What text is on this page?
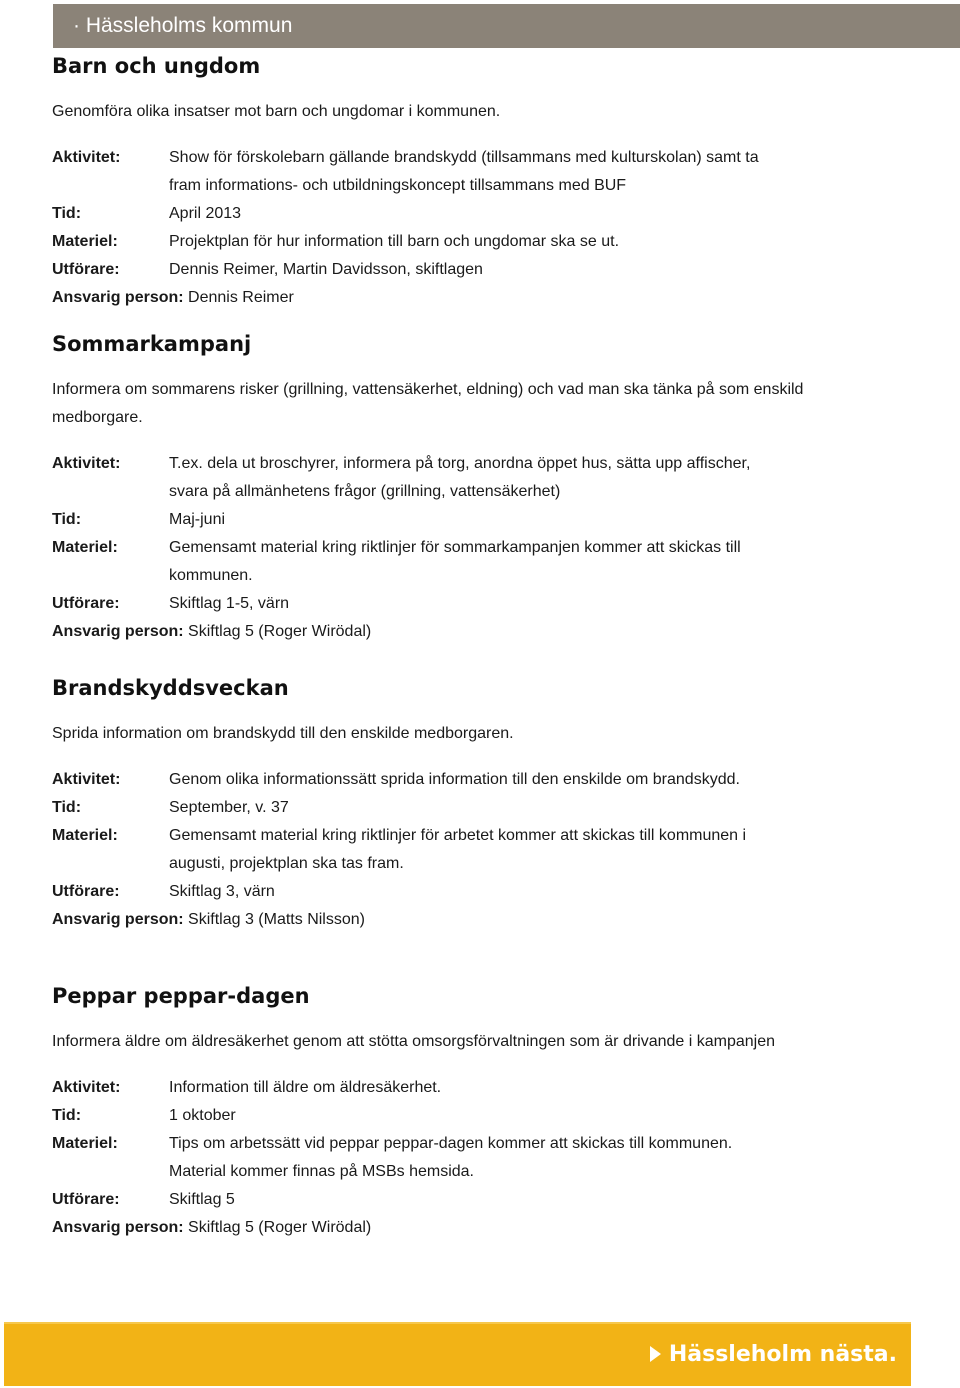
· Hässleholms kommun
Barn och ungdom

Genomföra olika insatser mot barn och ungdomar i kommunen.

Aktivitet:	Show för förskolebarn gällande brandskydd (tillsammans med kulturskolan) samt ta
fram informations- och utbildningskoncept tillsammans med BUF
Tid:	April 2013
Materiel:	Projektplan för hur information till barn och ungdomar ska se ut.
Utförare:	Dennis Reimer, Martin Davidsson, skiftlagen
Ansvarig person: Dennis Reimer
Sommarkampanj

Informera om sommarens risker (grillning, vattensäkerhet, eldning) och vad man ska tänka på som enskild medborgare.

Aktivitet:	T.ex. dela ut broschyrer, informera på torg, anordna öppet hus, sätta upp affischer,
svara på allmänhetens frågor (grillning, vattensäkerhet)
Tid:	Maj-juni
Materiel:	Gemensamt material kring riktlinjer för sommarkampanjen kommer att skickas till
kommunen.
Utförare:	Skiftlag 1-5, värn
Ansvarig person: Skiftlag 5 (Roger Wirödal)
Brandskyddsveckan

Sprida information om brandskydd till den enskilde medborgaren.

Aktivitet:	Genom olika informationssätt sprida information till den enskilde om brandskydd.
Tid:	September, v. 37
Materiel:	Gemensamt material kring riktlinjer för arbetet kommer att skickas till kommunen i
augusti, projektplan ska tas fram.
Utförare:	Skiftlag 3, värn
Ansvarig person: Skiftlag 3 (Matts Nilsson)
Peppar peppar-dagen

Informera äldre om äldresäkerhet genom att stötta omsorgsförvaltningen som är drivande i kampanjen

Aktivitet:	Information till äldre om äldresäkerhet.
Tid:	1 oktober
Materiel:	Tips om arbetssätt vid peppar peppar-dagen kommer att skickas till kommunen.
Material kommer finnas på MSBs hemsida.
Utförare:	Skiftlag 5
Ansvarig person: Skiftlag 5 (Roger Wirödal)
Hässleholm nästa.
